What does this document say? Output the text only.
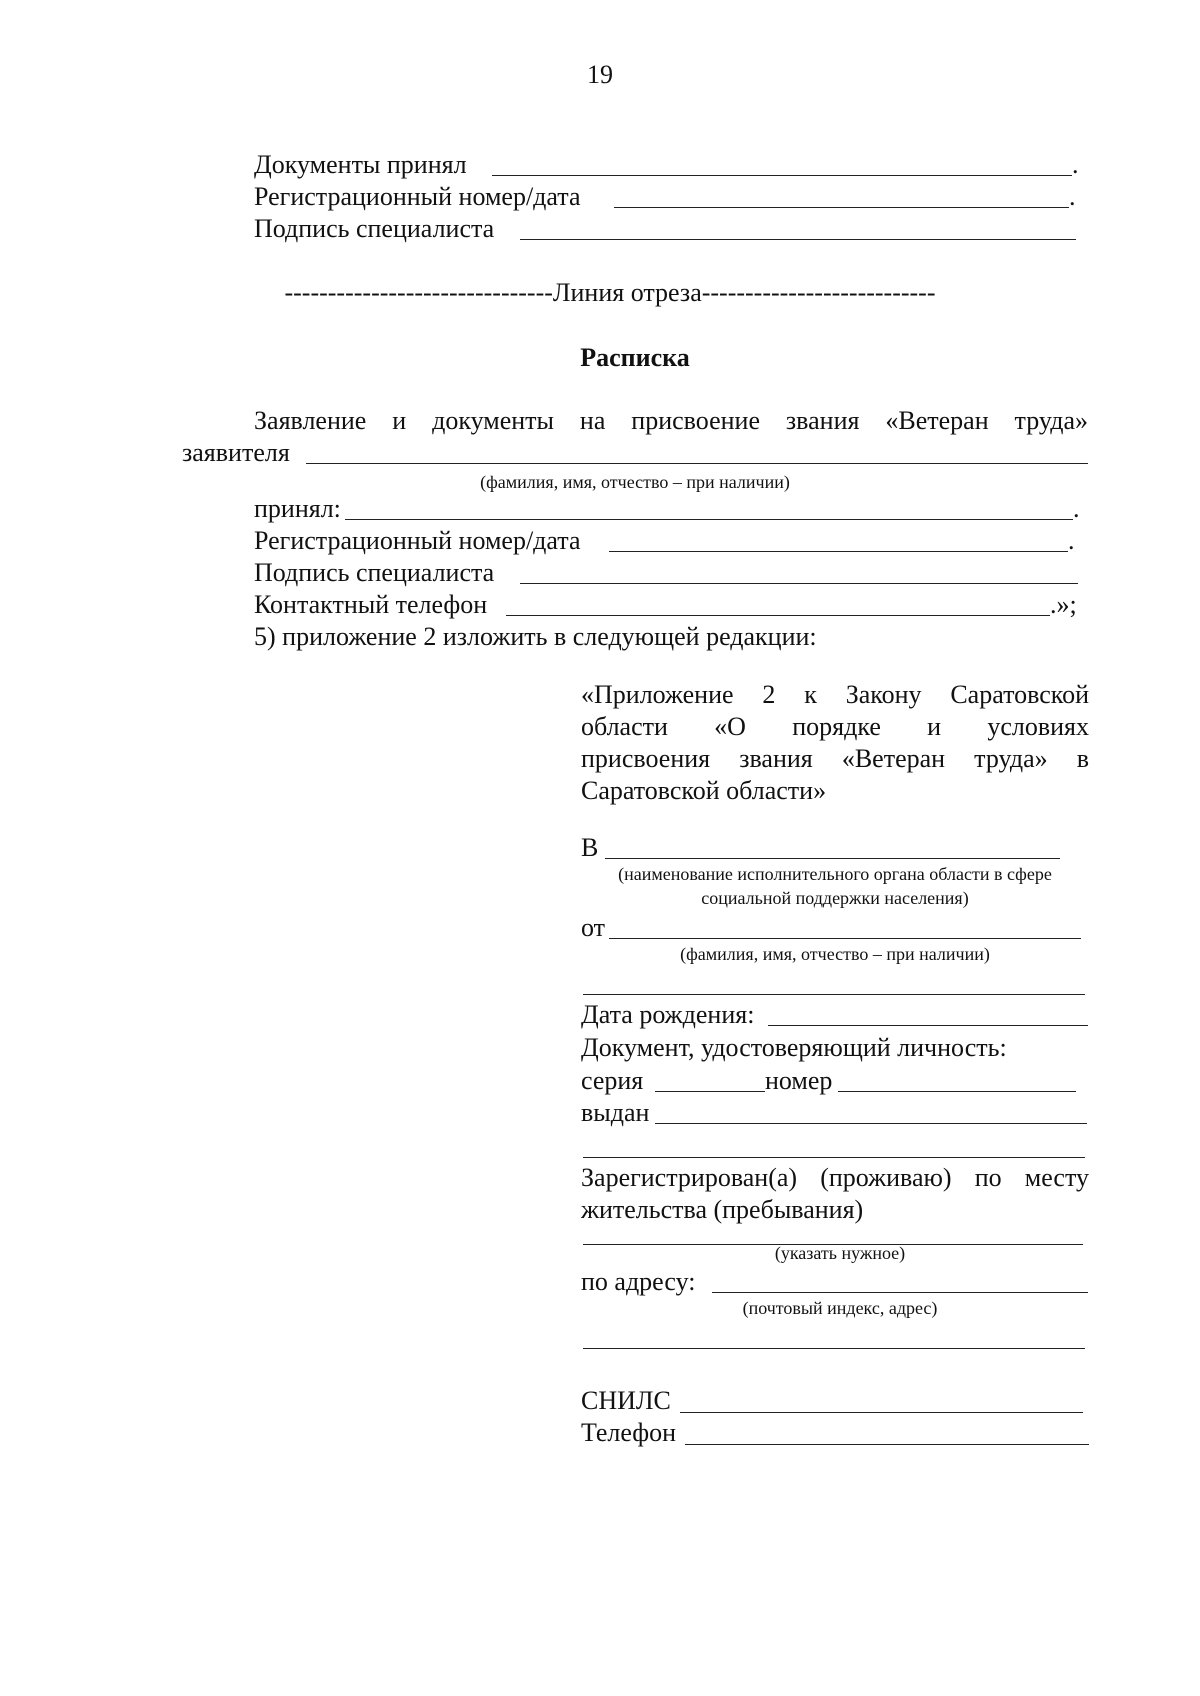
19
Документы принял	.
Регистрационный номер/дата	.
Подпись специалиста
-------------------------------Линия отреза---------------------------
Расписка
Заявление и документы на присвоение звания «Ветеран труда»
заявителя
(фамилия, имя, отчество – при наличии)
принял:	.
Регистрационный номер/дата	.
Подпись специалиста
Контактный телефон	.»;
5) приложение 2 изложить в следующей редакции:
«Приложение 2 к Закону Саратовской
области «О порядке и условиях
присвоения звания «Ветеран труда» в
Саратовской области»
В
(наименование исполнительного органа области в сфере
социальной поддержки населения)
от
(фамилия, имя, отчество – при наличии)
Дата рождения:
Документ, удостоверяющий личность:
серия	номер
выдан
Зарегистрирован(а) (проживаю) по месту
жительства (пребывания)
(указать нужное)
по адресу:
(почтовый индекс, адрес)
СНИЛС
Телефон
